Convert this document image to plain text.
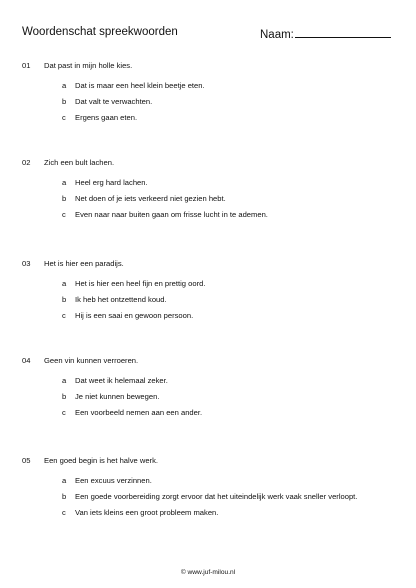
Woordenschat spreekwoorden	Naam:
01 Dat past in mijn holle kies.
a Dat is maar een heel klein beetje eten.
b Dat valt te verwachten.
c Ergens gaan eten.
02 Zich een bult lachen.
a Heel erg hard lachen.
b Net doen of je iets verkeerd niet gezien hebt.
c Even naar naar buiten gaan om frisse lucht in te ademen.
03 Het is hier een paradijs.
a Het is hier een heel fijn en prettig oord.
b Ik heb het ontzettend koud.
c Hij is een saai en gewoon persoon.
04 Geen vin kunnen verroeren.
a Dat weet ik helemaal zeker.
b Je niet kunnen bewegen.
c Een voorbeeld nemen aan een ander.
05 Een goed begin is het halve werk.
a Een excuus verzinnen.
b Een goede voorbereiding zorgt ervoor dat het uiteindelijk werk vaak sneller verloopt.
c Van iets kleins een groot probleem maken.
© www.juf-milou.nl
